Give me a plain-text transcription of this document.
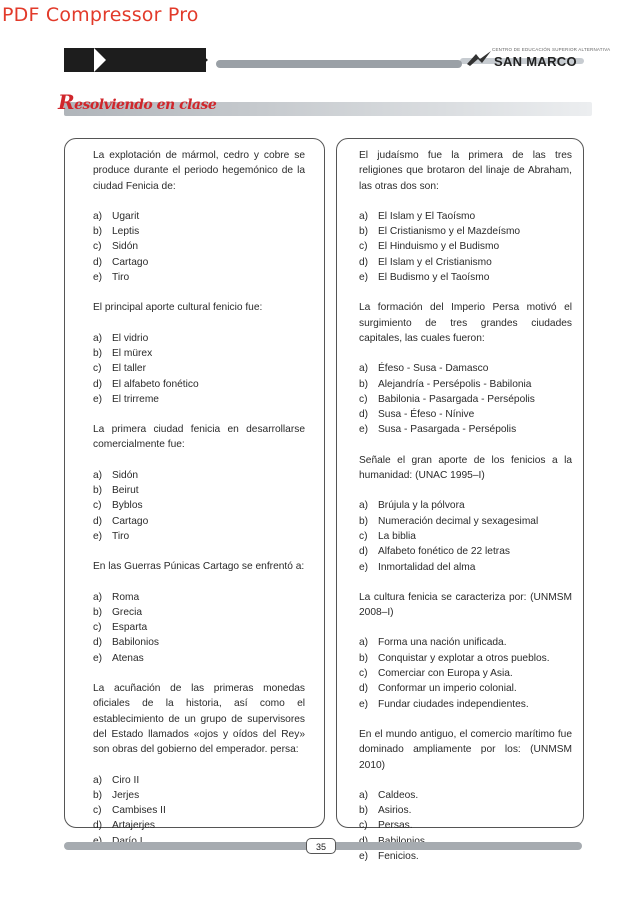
PDF Compressor Pro
CENTRO DE EDUCACIÓN SUPERIOR ALTERNATIVA
SAN MARCO
Resolviendo en clase

La explotación de mármol, cedro y cobre se produce durante el periodo hegemónico de la ciudad Fenicia de:

a) Ugarit
b) Leptis
c) Sidón
d) Cartago
e) Tiro

El principal aporte cultural fenicio fue:

a) El vidrio
b) El mürex
c) El taller
d) El alfabeto fonético
e) El trirreme

La primera ciudad fenicia en desarrollarse comercialmente fue:

a) Sidón
b) Beirut
c) Byblos
d) Cartago
e) Tiro

En las Guerras Púnicas Cartago se enfrentó a:

a) Roma
b) Grecia
c) Esparta
d) Babilonios
e) Atenas

La acuñación de las primeras monedas oficiales de la historia, así como el establecimiento de un grupo de supervisores del Estado llamados «ojos y oídos del Rey» son obras del gobierno del emperador. persa:

a) Ciro II
b) Jerjes
c) Cambises II
d) Artajerjes

El judaísmo fue la primera de las tres religiones que brotaron del linaje de Abraham, las otras dos son:

a) El Islam y El Taoísmo
b) El Cristianismo y el Mazdeísmo
c) El Hinduismo y el Budismo
d) El Islam y el Cristianismo
e) El Budismo y el Taoísmo

La formación del Imperio Persa motivó el surgimiento de tres grandes ciudades capitales, las cuales fueron:

a) Éfeso - Susa - Damasco
b) Alejandría - Persépolis - Babilonia
c) Babilonia - Pasargada - Persépolis
d) Susa - Éfeso - Nínive
e) Susa - Pasargada - Persépolis

Señale el gran aporte de los fenicios a la humanidad: (UNAC 1995–I)

a) Brújula y la pólvora
b) Numeración decimal y sexagesimal
c) La biblia
d) Alfabeto fonético de 22 letras
e) Inmortalidad del alma

La cultura fenicia se caracteriza por: (UNMSM 2008–I)

a) Forma una nación unificada.
b) Conquistar y explotar a otros pueblos.
c) Comerciar con Europa y Asia.
d) Conformar un imperio colonial.
e) Fundar ciudades independientes.

En el mundo antiguo, el comercio marítimo fue dominado ampliamente por los: (UNMSM 2010)

a) Caldeos.
b) Asirios.
c) Persas.
e) Fenicios.
35
